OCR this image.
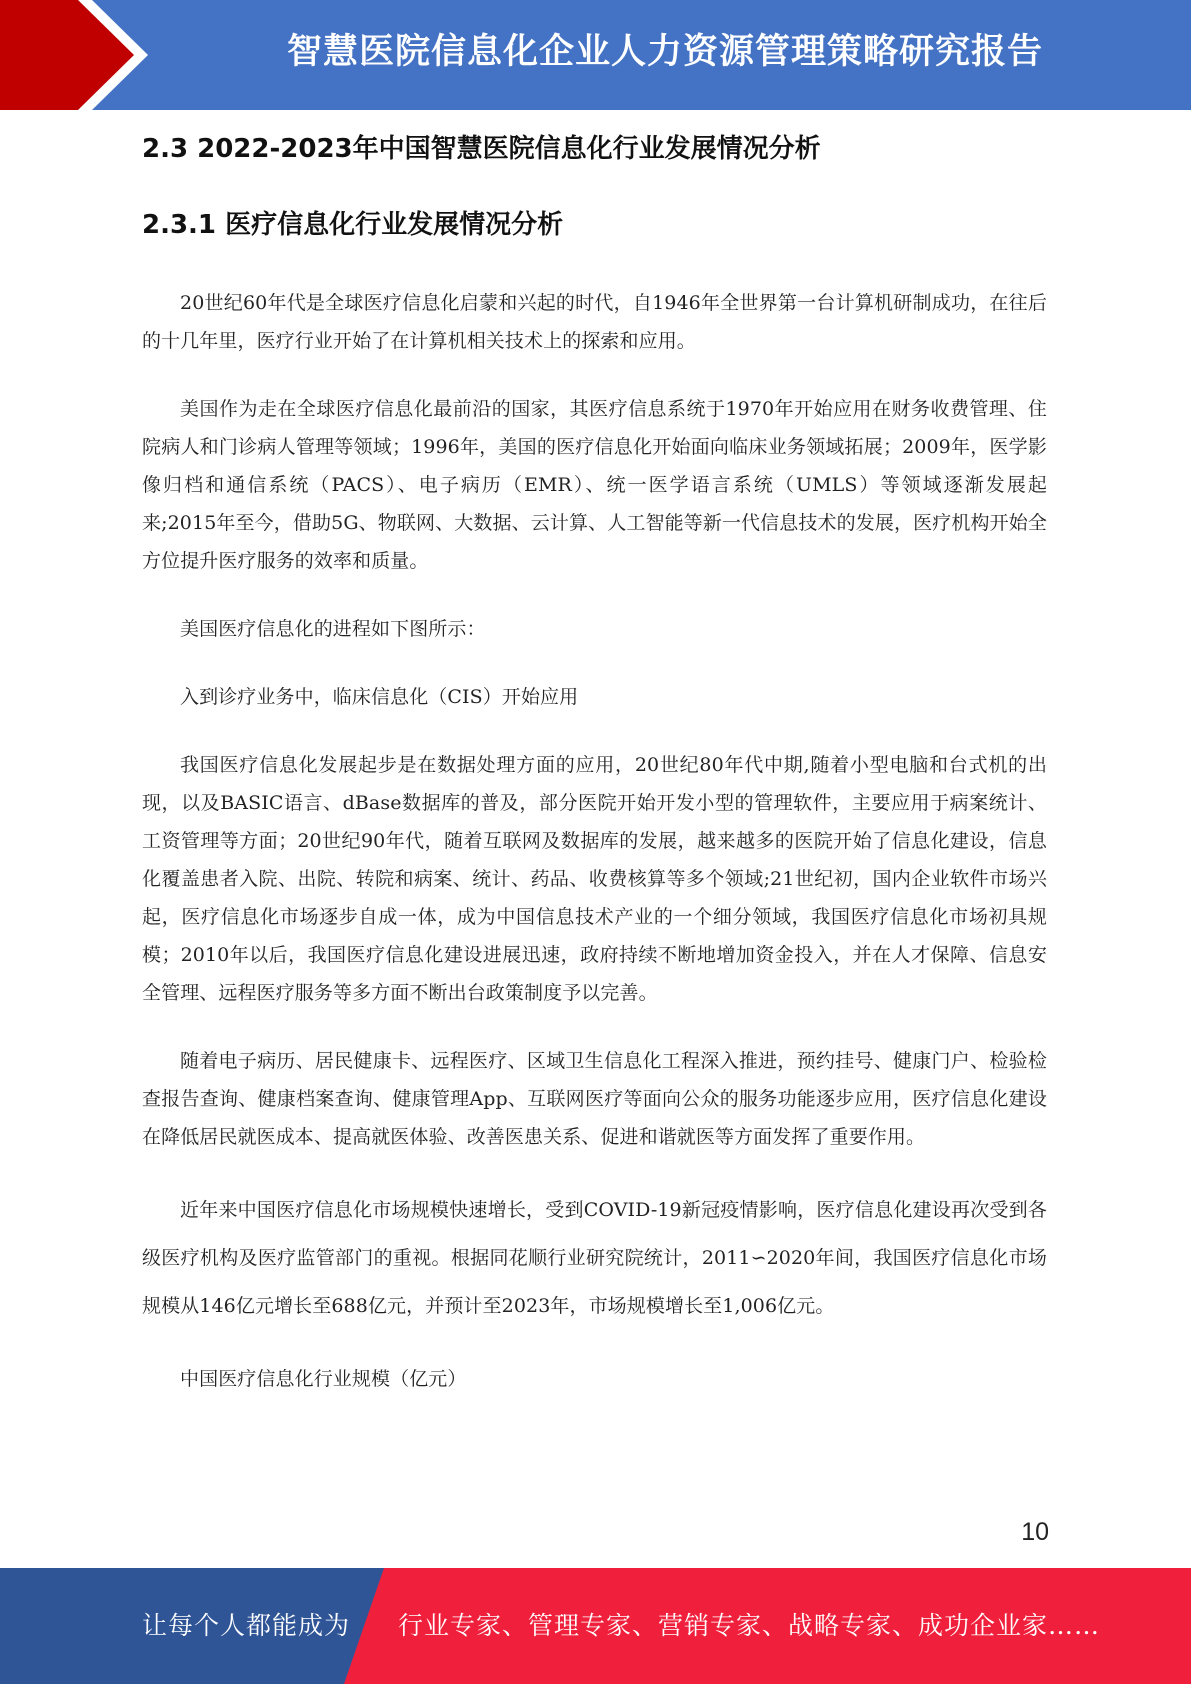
智慧医院信息化企业人力资源管理策略研究报告
2.3 2022-2023年中国智慧医院信息化行业发展情况分析
2.3.1 医疗信息化行业发展情况分析

20世纪60年代是全球医疗信息化启蒙和兴起的时代，自1946年全世界第一台计算机研制成功，在往后的十几年里，医疗行业开始了在计算机相关技术上的探索和应用。

美国作为走在全球医疗信息化最前沿的国家，其医疗信息系统于1970年开始应用在财务收费管理、住院病人和门诊病人管理等领域；1996年，美国的医疗信息化开始面向临床业务领域拓展；2009年，医学影像归档和通信系统（PACS）、电子病历（EMR）、统一医学语言系统（UMLS）等领域逐渐发展起来;2015年至今，借助5G、物联网、大数据、云计算、人工智能等新一代信息技术的发展，医疗机构开始全方位提升医疗服务的效率和质量。

美国医疗信息化的进程如下图所示：

入到诊疗业务中，临床信息化（CIS）开始应用

我国医疗信息化发展起步是在数据处理方面的应用，20世纪80年代中期,随着小型电脑和台式机的出现，以及BASIC语言、dBase数据库的普及，部分医院开始开发小型的管理软件，主要应用于病案统计、工资管理等方面；20世纪90年代，随着互联网及数据库的发展，越来越多的医院开始了信息化建设，信息化覆盖患者入院、出院、转院和病案、统计、药品、收费核算等多个领域;21世纪初，国内企业软件市场兴起，医疗信息化市场逐步自成一体，成为中国信息技术产业的一个细分领域，我国医疗信息化市场初具规模；2010年以后，我国医疗信息化建设进展迅速，政府持续不断地增加资金投入，并在人才保障、信息安全管理、远程医疗服务等多方面不断出台政策制度予以完善。

随着电子病历、居民健康卡、远程医疗、区域卫生信息化工程深入推进，预约挂号、健康门户、检验检查报告查询、健康档案查询、健康管理App、互联网医疗等面向公众的服务功能逐步应用，医疗信息化建设在降低居民就医成本、提高就医体验、改善医患关系、促进和谐就医等方面发挥了重要作用。

近年来中国医疗信息化市场规模快速增长，受到COVID-19新冠疫情影响，医疗信息化建设再次受到各级医疗机构及医疗监管部门的重视。根据同花顺行业研究院统计，2011∽2020年间，我国医疗信息化市场规模从146亿元增长至688亿元，并预计至2023年，市场规模增长至1,006亿元。

中国医疗信息化行业规模（亿元）

10
让每个人都能成为 行业专家、管理专家、营销专家、战略专家、成功企业家……
